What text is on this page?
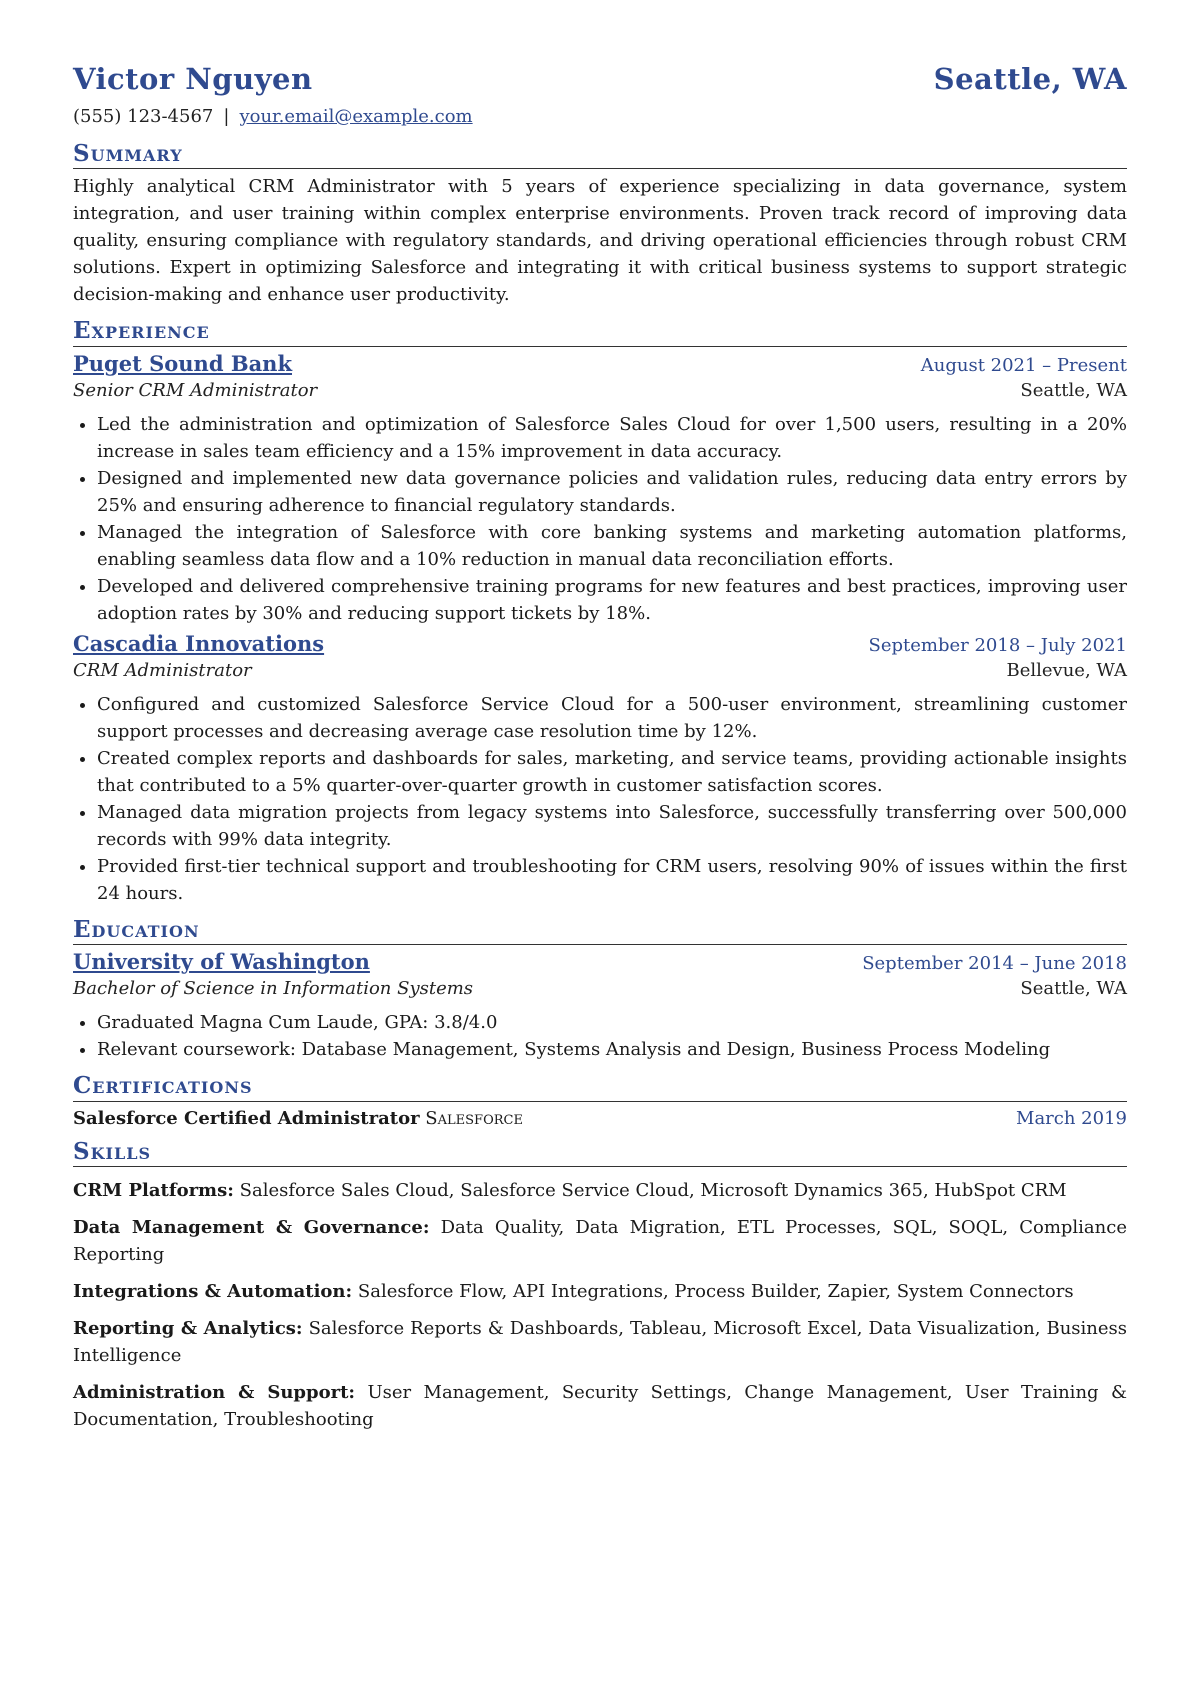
Victor Nguyen	Seattle, WA
(555) 123-4567 | your.email@example.com
Summary

Highly analytical CRM Administrator with 5 years of experience specializing in data governance, system integration, and user training within complex enterprise environments. Proven track record of improving data quality, ensuring compliance with regulatory standards, and driving operational efficiencies through robust CRM solutions. Expert in optimizing Salesforce and integrating it with critical business systems to support strategic decision-making and enhance user productivity.

Experience
Puget Sound Bank	August 2021 – Present
Senior CRM Administrator	Seattle, WA
• Led the administration and optimization of Salesforce Sales Cloud for over 1,500 users, resulting in a 20% increase in sales team efficiency and a 15% improvement in data accuracy.
• Designed and implemented new data governance policies and validation rules, reducing data entry errors by 25% and ensuring adherence to financial regulatory standards.
• Managed the integration of Salesforce with core banking systems and marketing automation platforms, enabling seamless data flow and a 10% reduction in manual data reconciliation efforts.
• Developed and delivered comprehensive training programs for new features and best practices, improving user adoption rates by 30% and reducing support tickets by 18%.
Cascadia Innovations	September 2018 – July 2021
CRM Administrator	Bellevue, WA
• Configured and customized Salesforce Service Cloud for a 500-user environment, streamlining customer support processes and decreasing average case resolution time by 12%.
• Created complex reports and dashboards for sales, marketing, and service teams, providing actionable insights that contributed to a 5% quarter-over-quarter growth in customer satisfaction scores.
• Managed data migration projects from legacy systems into Salesforce, successfully transferring over 500,000 records with 99% data integrity.
• Provided first-tier technical support and troubleshooting for CRM users, resolving 90% of issues within the first 24 hours.
Education
University of Washington	September 2014 – June 2018
Bachelor of Science in Information Systems	Seattle, WA
• Graduated Magna Cum Laude, GPA: 3.8/4.0
• Relevant coursework: Database Management, Systems Analysis and Design, Business Process Modeling
Certifications
Salesforce Certified Administrator Salesforce	March 2019
Skills
CRM Platforms: Salesforce Sales Cloud, Salesforce Service Cloud, Microsoft Dynamics 365, HubSpot CRM
Data Management & Governance: Data Quality, Data Migration, ETL Processes, SQL, SOQL, Compliance Reporting
Integrations & Automation: Salesforce Flow, API Integrations, Process Builder, Zapier, System Connectors
Reporting & Analytics: Salesforce Reports & Dashboards, Tableau, Microsoft Excel, Data Visualization, Business Intelligence
Administration & Support: User Management, Security Settings, Change Management, User Training & Documentation, Troubleshooting
